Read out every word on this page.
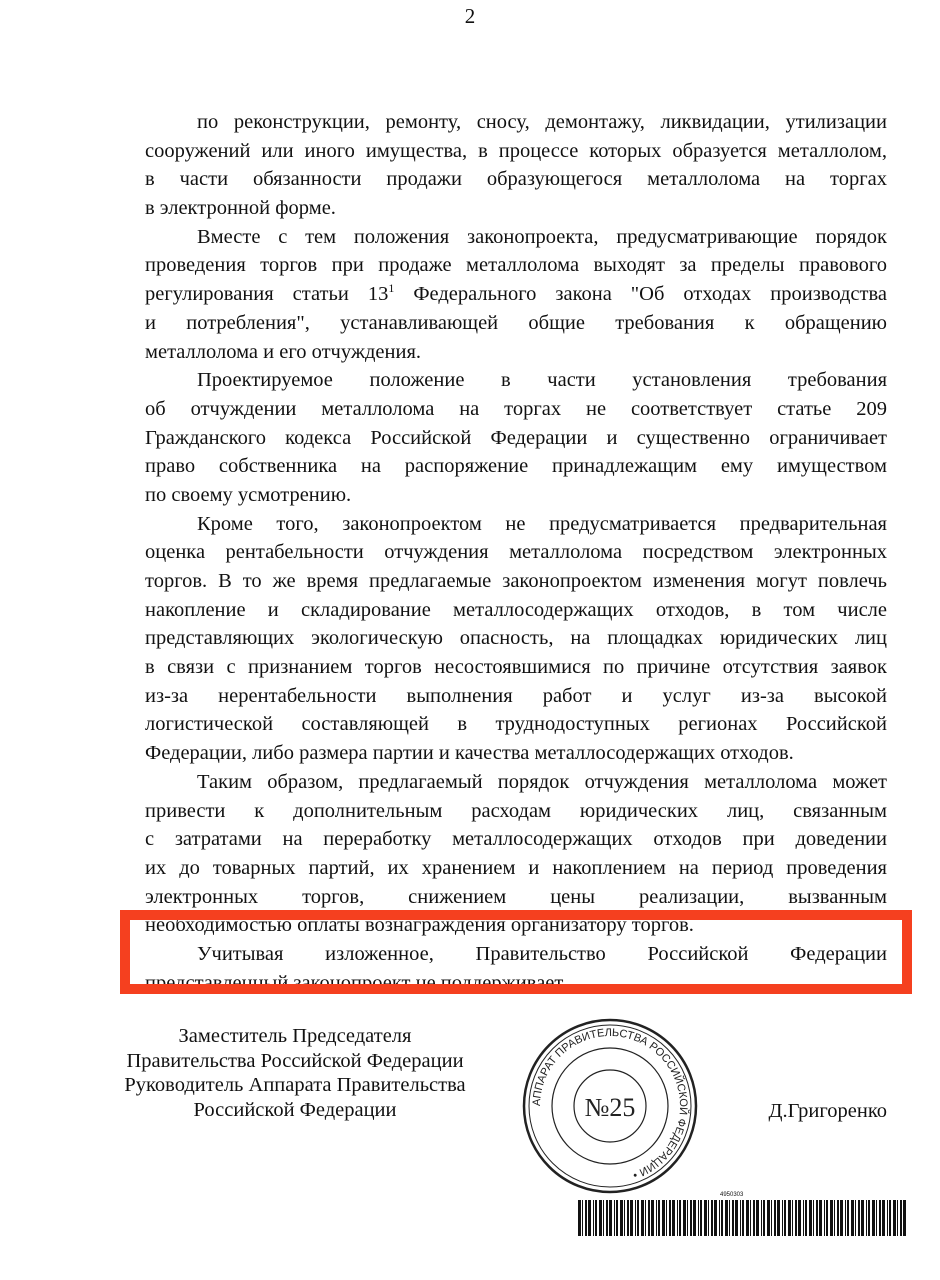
2
по реконструкции, ремонту, сносу, демонтажу, ликвидации, утилизации
сооружений или иного имущества, в процессе которых образуется металлолом,
в части обязанности продажи образующегося металлолома на торгах
в электронной форме.
Вместе с тем положения законопроекта, предусматривающие порядок
проведения торгов при продаже металлолома выходят за пределы правового
регулирования статьи $13^1$ Федерального закона "Об отходах производства
и потребления", устанавливающей общие требования к обращению
металлолома и его отчуждения.
Проектируемое положение в части установления требования
об отчуждении металлолома на торгах не соответствует статье 209
Гражданского кодекса Российской Федерации и существенно ограничивает
право собственника на распоряжение принадлежащим ему имуществом
по своему усмотрению.
Кроме того, законопроектом не предусматривается предварительная
оценка рентабельности отчуждения металлолома посредством электронных
торгов. В то же время предлагаемые законопроектом изменения могут повлечь
накопление и складирование металлосодержащих отходов, в том числе
представляющих экологическую опасность, на площадках юридических лиц
в связи с признанием торгов несостоявшимися по причине отсутствия заявок
из-за нерентабельности выполнения работ и услуг из-за высокой
логистической составляющей в труднодоступных регионах Российской
Федерации, либо размера партии и качества металлосодержащих отходов.
Таким образом, предлагаемый порядок отчуждения металлолома может
привести к дополнительным расходам юридических лиц, связанным
с затратами на переработку металлосодержащих отходов при доведении
их до товарных партий, их хранением и накоплением на период проведения
электронных торгов, снижением цены реализации, вызванным
необходимостью оплаты вознаграждения организатору торгов.
Учитывая изложенное, Правительство Российской Федерации
представленный законопроект не поддерживает.
АППАРАТ ПРАВИТЕЛЬСТВА РОССИЙСКОЙ ФЕДЕРАЦИИ •
№25
Заместитель Председателя
Правительства Российской Федерации
Руководитель Аппарата Правительства
Российской Федерации	Д.Григоренко
4950303
